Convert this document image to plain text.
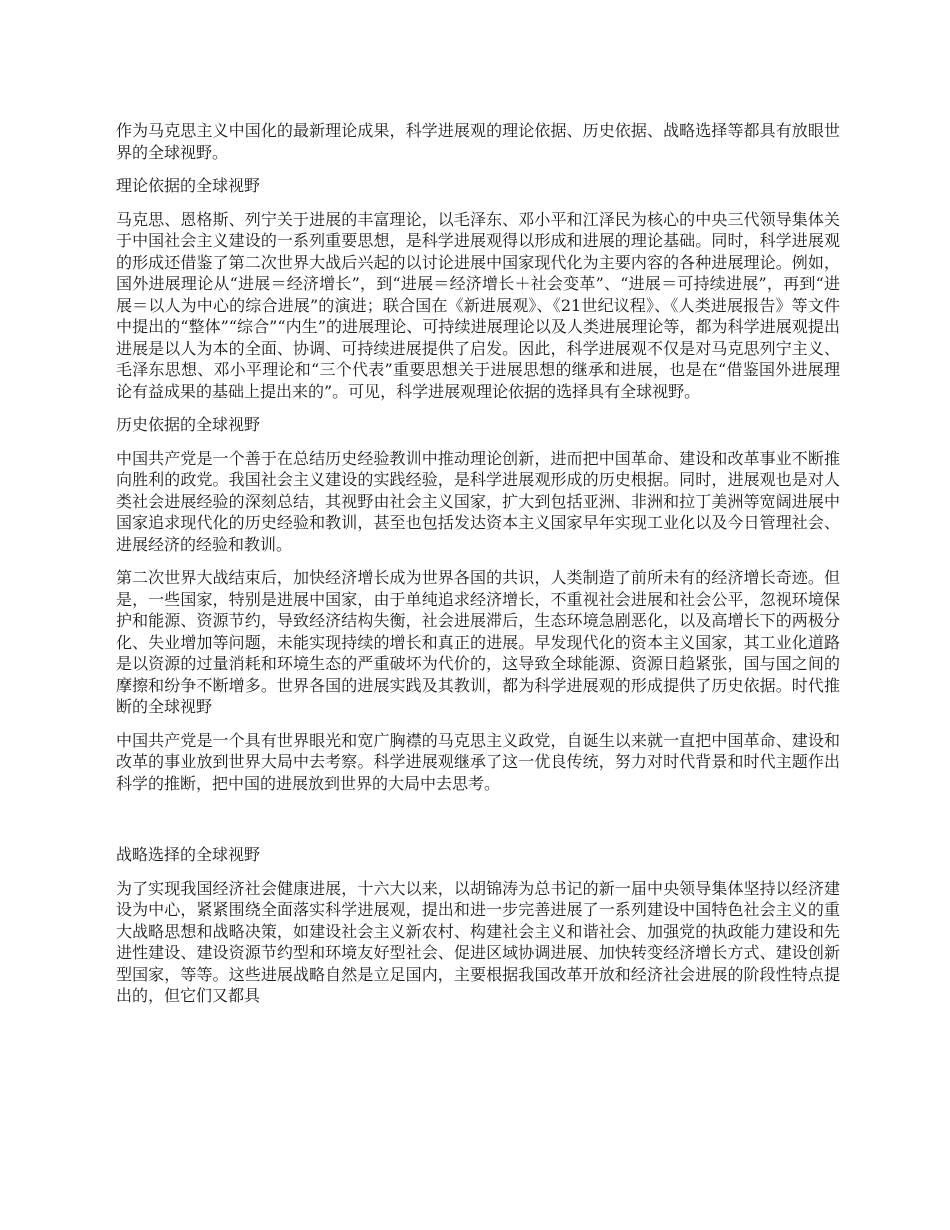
作为马克思主义中国化的最新理论成果，科学进展观的理论依据、历史依据、战略选择等都具有放眼世界的全球视野。

理论依据的全球视野

马克思、恩格斯、列宁关于进展的丰富理论，以毛泽东、邓小平和江泽民为核心的中央三代领导集体关于中国社会主义建设的一系列重要思想，是科学进展观得以形成和进展的理论基础。同时，科学进展观的形成还借鉴了第二次世界大战后兴起的以讨论进展中国家现代化为主要内容的各种进展理论。例如，国外进展理论从“进展＝经济增长”，到“进展＝经济增长＋社会变革”、“进展＝可持续进展”，再到“进展＝以人为中心的综合进展”的演进；联合国在《新进展观》、《21世纪议程》、《人类进展报告》等文件中提出的“整体”“综合”“内生”的进展理论、可持续进展理论以及人类进展理论等，都为科学进展观提出进展是以人为本的全面、协调、可持续进展提供了启发。因此，科学进展观不仅是对马克思列宁主义、毛泽东思想、邓小平理论和“三个代表”重要思想关于进展思想的继承和进展，也是在“借鉴国外进展理论有益成果的基础上提出来的”。可见，科学进展观理论依据的选择具有全球视野。

历史依据的全球视野

中国共产党是一个善于在总结历史经验教训中推动理论创新，进而把中国革命、建设和改革事业不断推向胜利的政党。我国社会主义建设的实践经验，是科学进展观形成的历史根据。同时，进展观也是对人类社会进展经验的深刻总结，其视野由社会主义国家，扩大到包括亚洲、非洲和拉丁美洲等宽阔进展中国家追求现代化的历史经验和教训，甚至也包括发达资本主义国家早年实现工业化以及今日管理社会、进展经济的经验和教训。

第二次世界大战结束后，加快经济增长成为世界各国的共识，人类制造了前所未有的经济增长奇迹。但是，一些国家，特别是进展中国家，由于单纯追求经济增长，不重视社会进展和社会公平，忽视环境保护和能源、资源节约，导致经济结构失衡，社会进展滞后，生态环境急剧恶化，以及高增长下的两极分化、失业增加等问题，未能实现持续的增长和真正的进展。早发现代化的资本主义国家，其工业化道路是以资源的过量消耗和环境生态的严重破坏为代价的，这导致全球能源、资源日趋紧张，国与国之间的摩擦和纷争不断增多。世界各国的进展实践及其教训，都为科学进展观的形成提供了历史依据。时代推断的全球视野

中国共产党是一个具有世界眼光和宽广胸襟的马克思主义政党，自诞生以来就一直把中国革命、建设和改革的事业放到世界大局中去考察。科学进展观继承了这一优良传统，努力对时代背景和时代主题作出科学的推断，把中国的进展放到世界的大局中去思考。

战略选择的全球视野

为了实现我国经济社会健康进展，十六大以来，以胡锦涛为总书记的新一届中央领导集体坚持以经济建设为中心，紧紧围绕全面落实科学进展观，提出和进一步完善进展了一系列建设中国特色社会主义的重大战略思想和战略决策，如建设社会主义新农村、构建社会主义和谐社会、加强党的执政能力建设和先进性建设、建设资源节约型和环境友好型社会、促进区域协调进展、加快转变经济增长方式、建设创新型国家，等等。这些进展战略自然是立足国内，主要根据我国改革开放和经济社会进展的阶段性特点提出的，但它们又都具
